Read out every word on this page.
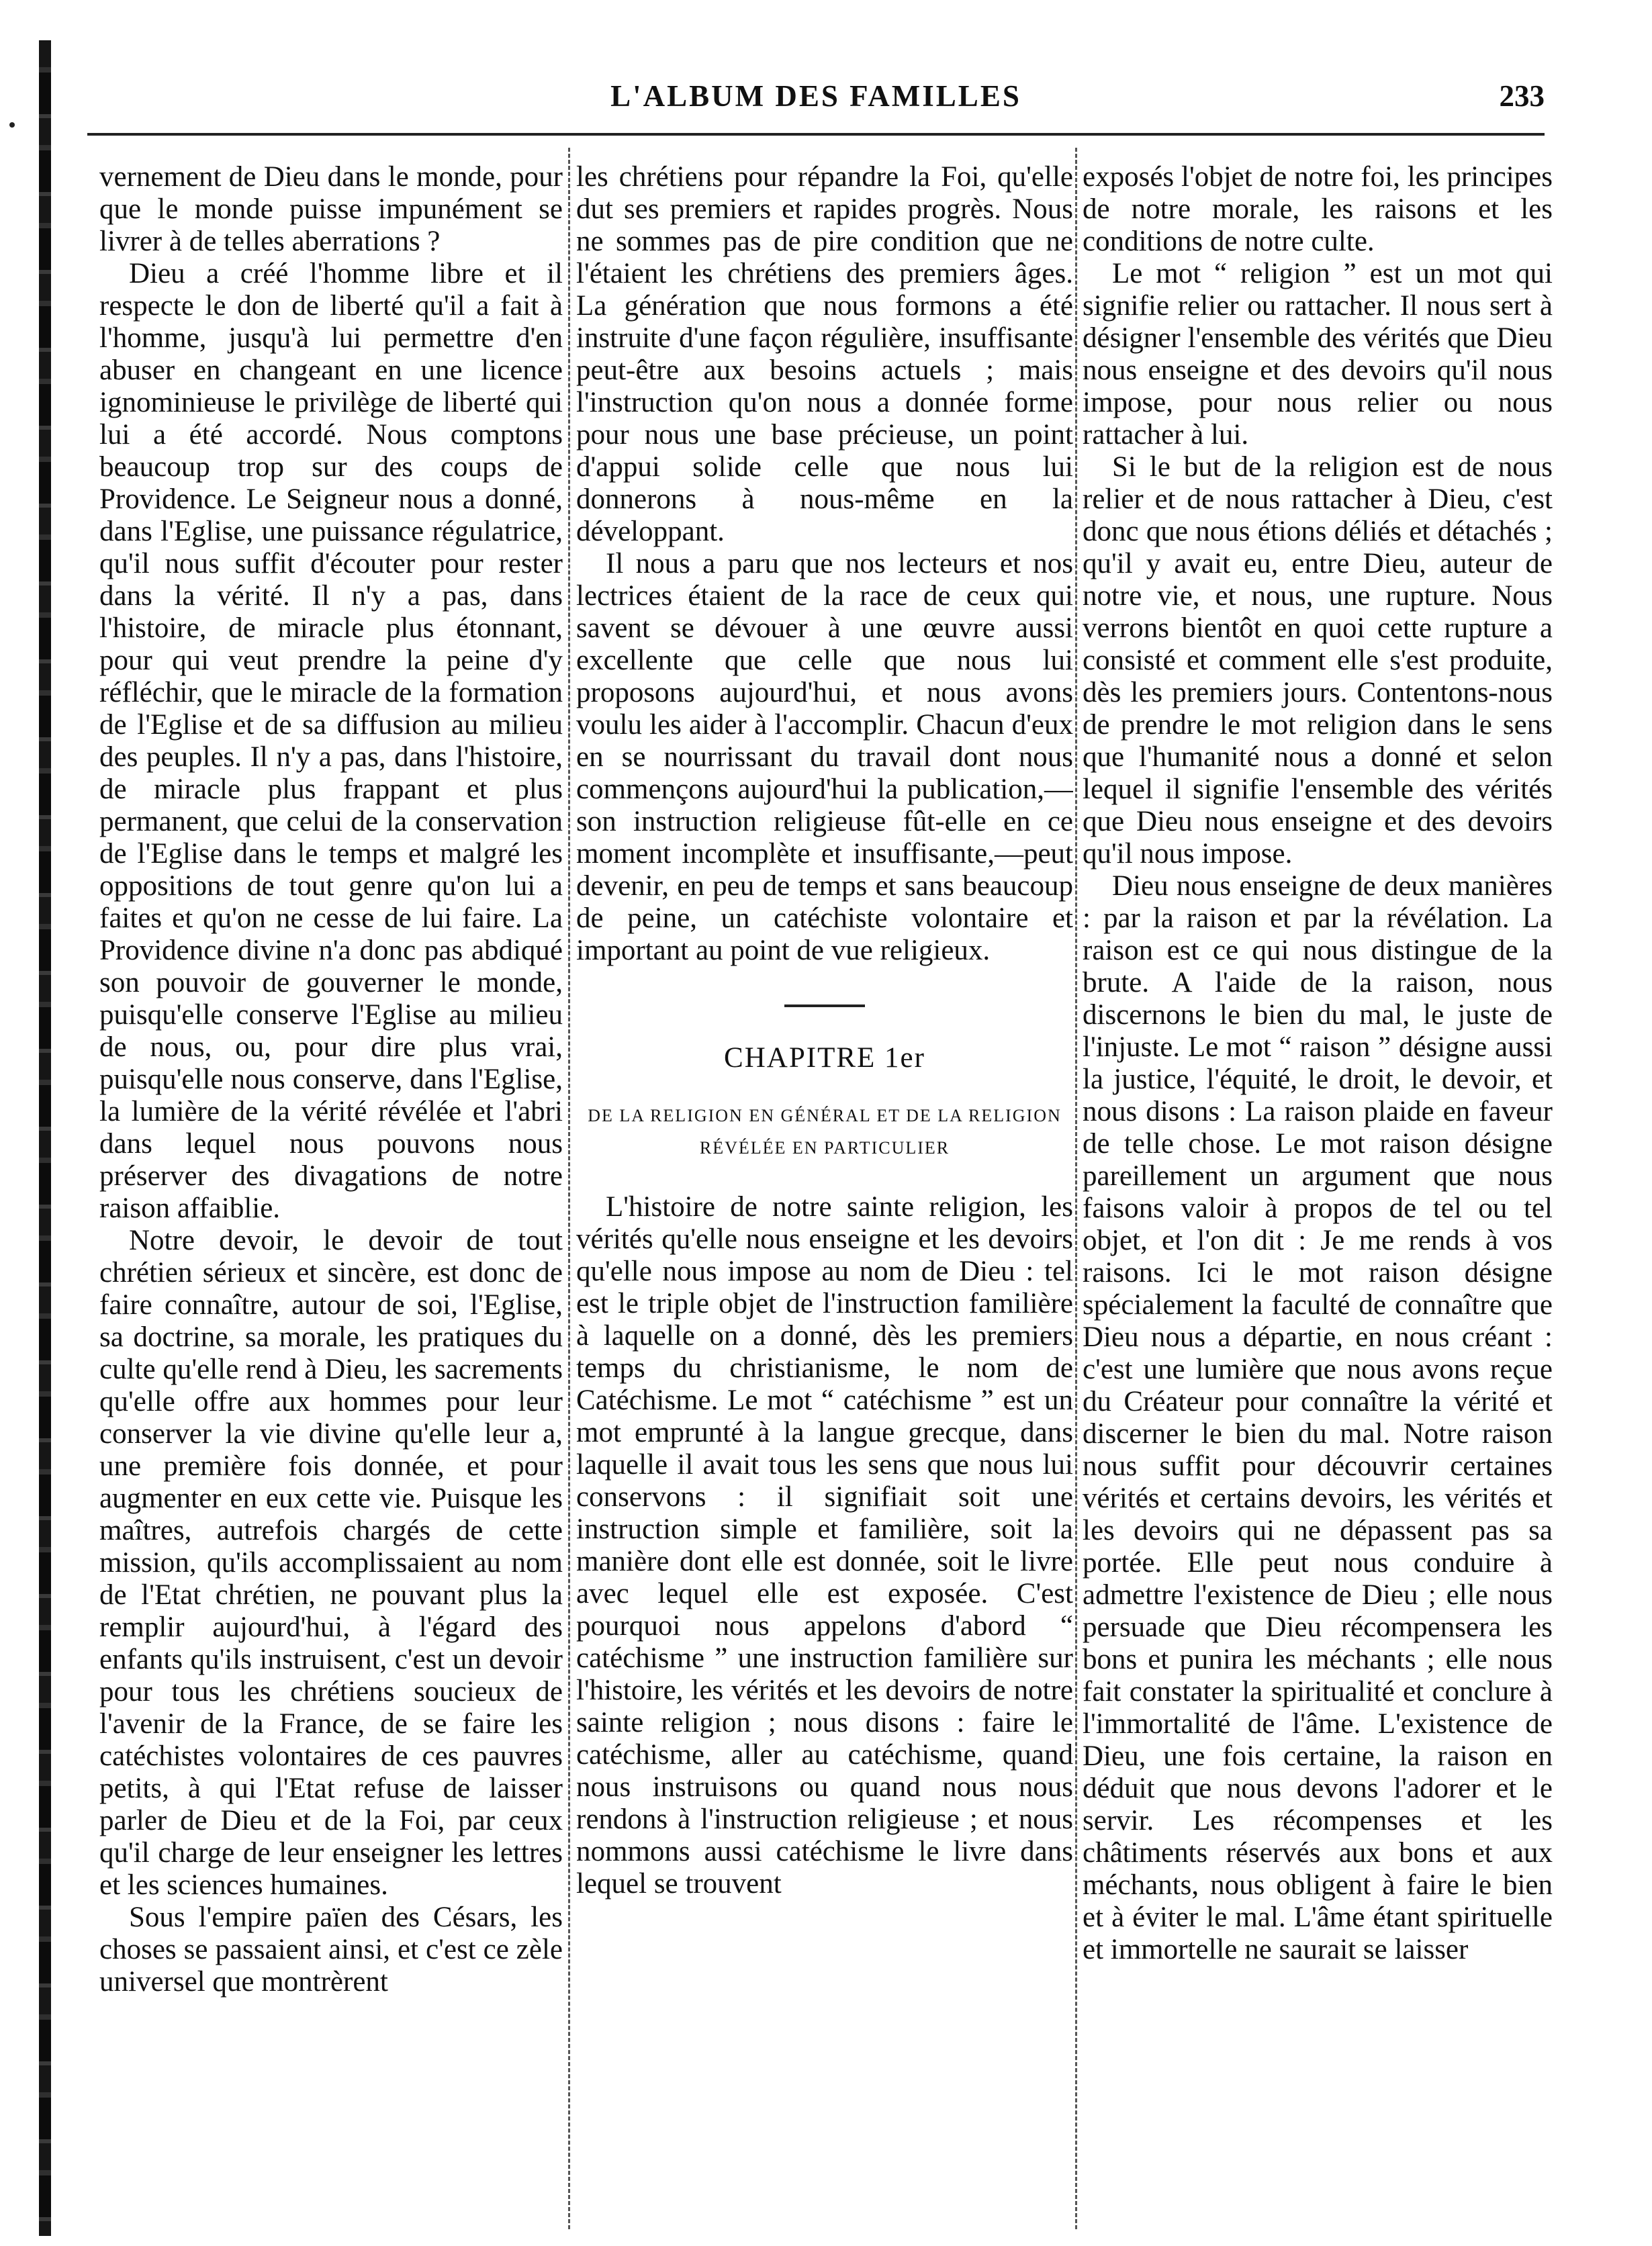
L'ALBUM DES FAMILLES	233

vernement de Dieu dans le monde, pour que le monde puisse impunément se livrer à de telles aberrations ?

Dieu a créé l'homme libre et il respecte le don de liberté qu'il a fait à l'homme, jusqu'à lui permettre d'en abuser en changeant en une licence ignominieuse le privilège de liberté qui lui a été accordé. Nous comptons beaucoup trop sur des coups de Providence. Le Seigneur nous a donné, dans l'Eglise, une puissance régulatrice, qu'il nous suffit d'écouter pour rester dans la vérité. Il n'y a pas, dans l'histoire, de miracle plus étonnant, pour qui veut prendre la peine d'y réfléchir, que le miracle de la formation de l'Eglise et de sa diffusion au milieu des peuples. Il n'y a pas, dans l'histoire, de miracle plus frappant et plus permanent, que celui de la conservation de l'Eglise dans le temps et malgré les oppositions de tout genre qu'on lui a faites et qu'on ne cesse de lui faire. La Providence divine n'a donc pas abdiqué son pouvoir de gouverner le monde, puisqu'elle conserve l'Eglise au milieu de nous, ou, pour dire plus vrai, puisqu'elle nous conserve, dans l'Eglise, la lumière de la vérité révélée et l'abri dans lequel nous pouvons nous préserver des divagations de notre raison affaiblie.

Notre devoir, le devoir de tout chrétien sérieux et sincère, est donc de faire connaître, autour de soi, l'Eglise, sa doctrine, sa morale, les pratiques du culte qu'elle rend à Dieu, les sacrements qu'elle offre aux hommes pour leur conserver la vie divine qu'elle leur a, une première fois donnée, et pour augmenter en eux cette vie. Puisque les maîtres, autrefois chargés de cette mission, qu'ils accomplissaient au nom de l'Etat chrétien, ne pouvant plus la remplir aujourd'hui, à l'égard des enfants qu'ils instruisent, c'est un devoir pour tous les chrétiens soucieux de l'avenir de la France, de se faire les catéchistes volontaires de ces pauvres petits, à qui l'Etat refuse de laisser parler de Dieu et de la Foi, par ceux qu'il charge de leur enseigner les lettres et les sciences humaines.

Sous l'empire païen des Césars, les choses se passaient ainsi, et c'est ce zèle universel que montrèrent

les chrétiens pour répandre la Foi, qu'elle dut ses premiers et rapides progrès. Nous ne sommes pas de pire condition que ne l'étaient les chrétiens des premiers âges. La génération que nous formons a été instruite d'une façon régulière, insuffisante peut-être aux besoins actuels ; mais l'instruction qu'on nous a donnée forme pour nous une base précieuse, un point d'appui solide celle que nous lui donnerons à nous-même en la développant.

Il nous a paru que nos lecteurs et nos lectrices étaient de la race de ceux qui savent se dévouer à une œuvre aussi excellente que celle que nous lui proposons aujourd'hui, et nous avons voulu les aider à l'accomplir. Chacun d'eux en se nourrissant du travail dont nous commençons aujourd'hui la publication,—son instruction religieuse fût-elle en ce moment incomplète et insuffisante,—peut devenir, en peu de temps et sans beaucoup de peine, un catéchiste volontaire et important au point de vue religieux.

CHAPITRE 1er
DE LA RELIGION EN GÉNÉRAL ET DE LA RELIGION RÉVÉLÉE EN PARTICULIER

L'histoire de notre sainte religion, les vérités qu'elle nous enseigne et les devoirs qu'elle nous impose au nom de Dieu : tel est le triple objet de l'instruction familière à laquelle on a donné, dès les premiers temps du christianisme, le nom de Catéchisme. Le mot “ catéchisme ” est un mot emprunté à la langue grecque, dans laquelle il avait tous les sens que nous lui conservons : il signifiait soit une instruction simple et familière, soit la manière dont elle est donnée, soit le livre avec lequel elle est exposée. C'est pourquoi nous appelons d'abord “ catéchisme ” une instruction familière sur l'histoire, les vérités et les devoirs de notre sainte religion ; nous disons : faire le catéchisme, aller au catéchisme, quand nous instruisons ou quand nous nous rendons à l'instruction religieuse ; et nous nommons aussi catéchisme le livre dans lequel se trouvent

exposés l'objet de notre foi, les principes de notre morale, les raisons et les conditions de notre culte.

Le mot “ religion ” est un mot qui signifie relier ou rattacher. Il nous sert à désigner l'ensemble des vérités que Dieu nous enseigne et des devoirs qu'il nous impose, pour nous relier ou nous rattacher à lui.

Si le but de la religion est de nous relier et de nous rattacher à Dieu, c'est donc que nous étions déliés et détachés ; qu'il y avait eu, entre Dieu, auteur de notre vie, et nous, une rupture. Nous verrons bientôt en quoi cette rupture a consisté et comment elle s'est produite, dès les premiers jours. Contentons-nous de prendre le mot religion dans le sens que l'humanité nous a donné et selon lequel il signifie l'ensemble des vérités que Dieu nous enseigne et des devoirs qu'il nous impose.

Dieu nous enseigne de deux manières : par la raison et par la révélation. La raison est ce qui nous distingue de la brute. A l'aide de la raison, nous discernons le bien du mal, le juste de l'injuste. Le mot “ raison ” désigne aussi la justice, l'équité, le droit, le devoir, et nous disons : La raison plaide en faveur de telle chose. Le mot raison désigne pareillement un argument que nous faisons valoir à propos de tel ou tel objet, et l'on dit : Je me rends à vos raisons. Ici le mot raison désigne spécialement la faculté de connaître que Dieu nous a départie, en nous créant : c'est une lumière que nous avons reçue du Créateur pour connaître la vérité et discerner le bien du mal. Notre raison nous suffit pour découvrir certaines vérités et certains devoirs, les vérités et les devoirs qui ne dépassent pas sa portée. Elle peut nous conduire à admettre l'existence de Dieu ; elle nous persuade que Dieu récompensera les bons et punira les méchants ; elle nous fait constater la spiritualité et conclure à l'immortalité de l'âme. L'existence de Dieu, une fois certaine, la raison en déduit que nous devons l'adorer et le servir. Les récompenses et les châtiments réservés aux bons et aux méchants, nous obligent à faire le bien et à éviter le mal. L'âme étant spirituelle et immortelle ne saurait se laisser
